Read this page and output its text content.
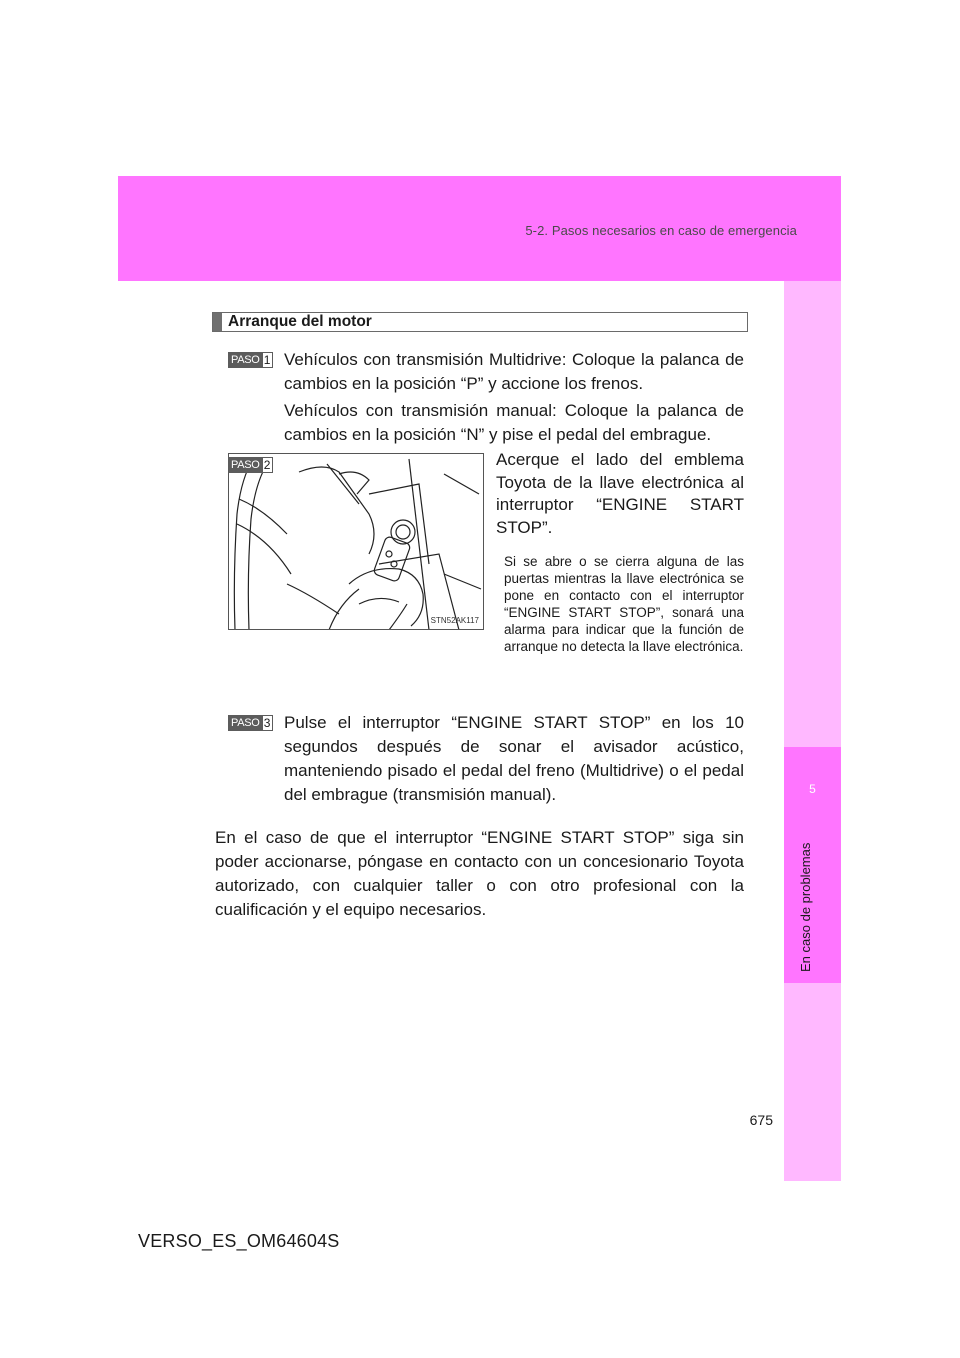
5-2. Pasos necesarios en caso de emergencia
5
En caso de problemas
Arranque del motor
PASO 1 Vehículos con transmisión Multidrive: Coloque la palanca de cambios en la posición “P” y accione los frenos.
Vehículos con transmisión manual: Coloque la palanca de cambios en la posición “N” y pise el pedal del embrague.
STN52AK117
PASO 2	Acerque el lado del emblema Toyota de la llave electrónica al interruptor “ENGINE START STOP”.
Si se abre o se cierra alguna de las puertas mientras la llave electrónica se pone en contacto con el interruptor “ENGINE START STOP”, sonará una alarma para indicar que la función de arranque no detecta la llave electrónica.
PASO 3 Pulse el interruptor “ENGINE START STOP” en los 10 segundos después de sonar el avisador acústico, manteniendo pisado el pedal del freno (Multidrive) o el pedal del embrague (transmisión manual).
En el caso de que el interruptor “ENGINE START STOP” siga sin poder accionarse, póngase en contacto con un concesionario Toyota autorizado, con cualquier taller o con otro profesional con la cualificación y el equipo necesarios.
675
VERSO_ES_OM64604S
